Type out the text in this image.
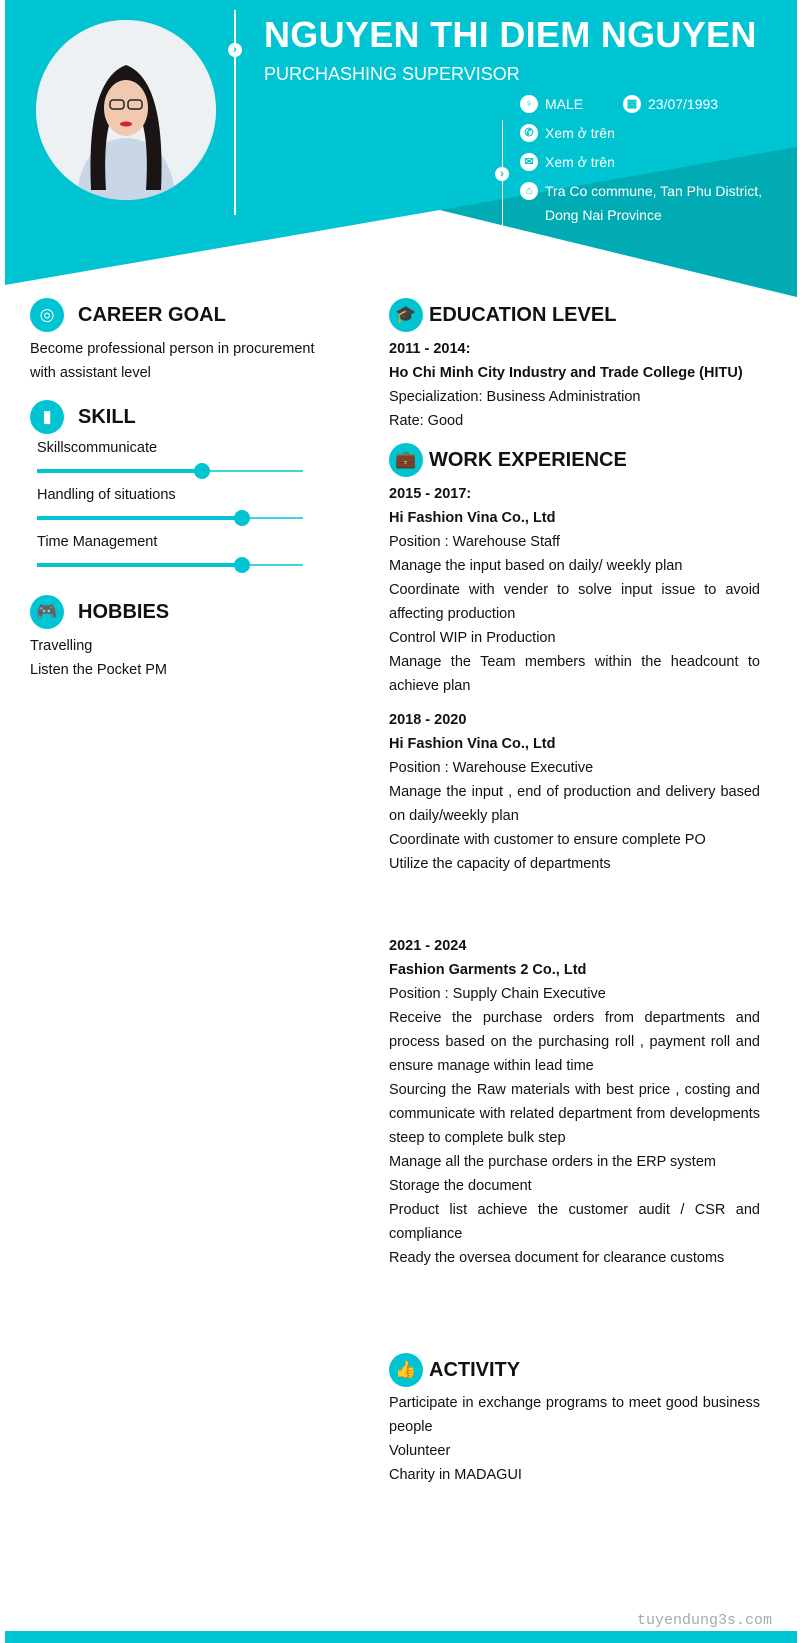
›
›
NGUYEN THI DIEM NGUYEN
PURCHASHING SUPERVISOR
♀ MALE	▦ 23/07/1993
✆ Xem ở trên
✉ Xem ở trên
⌂ Tra Co commune, Tan Phu District,
Dong Nai Province
◎	CAREER GOAL
Become professional person in procurement
with assistant level
▮	SKILL
Skillscommunicate
Handling of situations
Time Management
🎮	HOBBIES
Travelling
Listen the Pocket PM
🎓 EDUCATION LEVEL
2011 - 2014:
Ho Chi Minh City Industry and Trade College (HITU)
Specialization: Business Administration
Rate: Good
💼 WORK EXPERIENCE
2015 - 2017:
Hi Fashion Vina Co., Ltd
Position : Warehouse Staff
Manage the input based on daily/ weekly plan
Coordinate with vender to solve input issue to avoid affecting production
Control WIP in Production
Manage the Team members within the headcount to achieve plan
2018 - 2020
Hi Fashion Vina Co., Ltd
Position : Warehouse Executive
Manage the input , end of production and delivery based on daily/weekly plan
Coordinate with customer to ensure complete PO
Utilize the capacity of departments
2021 - 2024
Fashion Garments 2 Co., Ltd
Position : Supply Chain Executive
Receive the purchase orders from departments and process based on the purchasing roll , payment roll and ensure manage within lead time
Sourcing the Raw materials with best price , costing and communicate with related department from developments steep to complete bulk step
Manage all the purchase orders in the ERP system
Storage the document
Product list achieve the customer audit / CSR and compliance
Ready the oversea document for clearance customs
👍 ACTIVITY
Participate in exchange programs to meet good business people
Volunteer
Charity in MADAGUI
tuyendung3s.com
